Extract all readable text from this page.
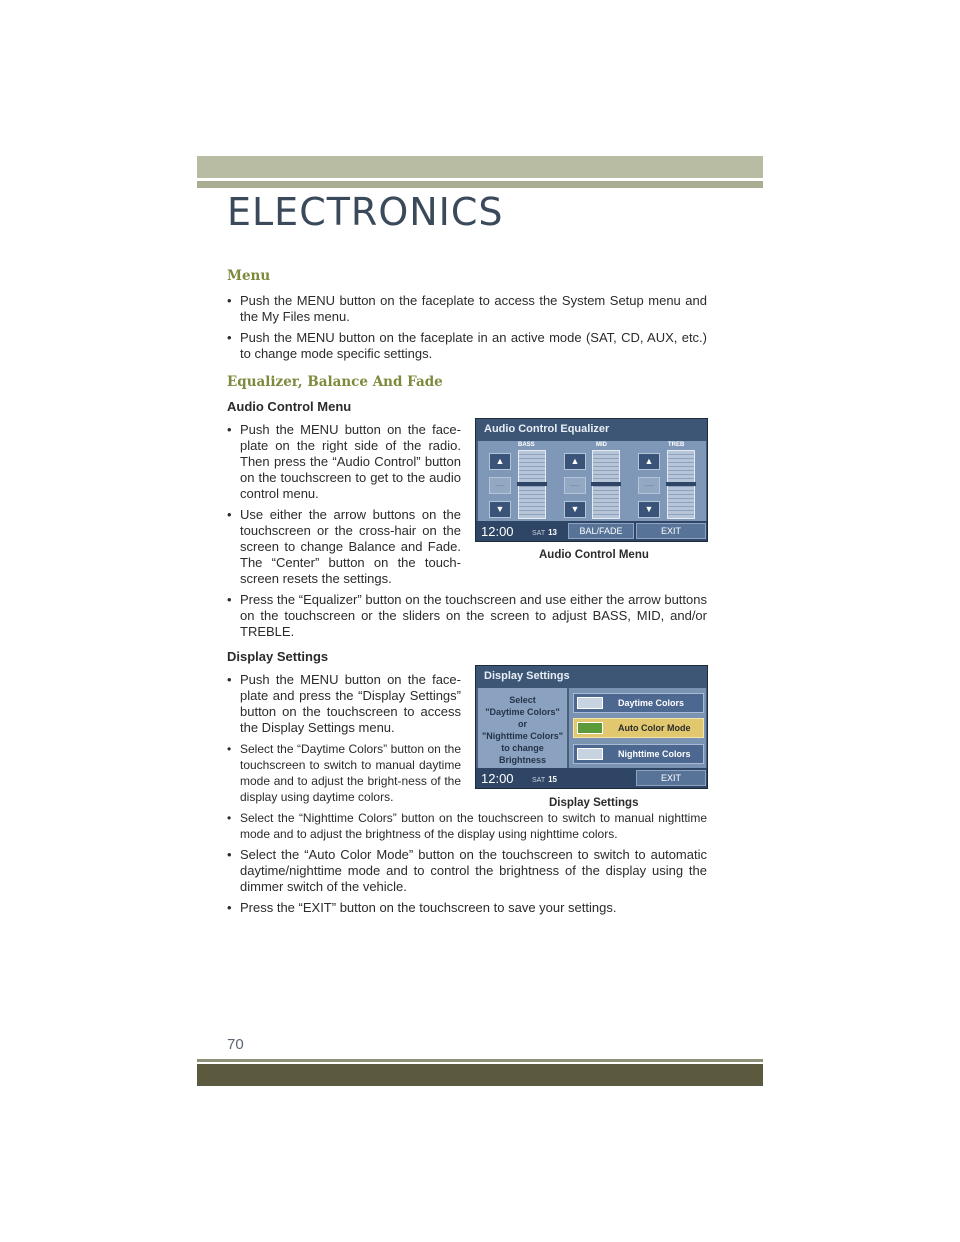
ELECTRONICS
Menu
• Push the MENU button on the faceplate to access the System Setup menu and the My Files menu.
• Push the MENU button on the faceplate in an active mode (SAT, CD, AUX, etc.) to change mode specific settings.
Equalizer, Balance And Fade
Audio Control Menu
• Push the MENU button on the face-plate on the right side of the radio. Then press the “Audio Control” button on the touchscreen to get to the audio control menu.
• Use either the arrow buttons on the touchscreen or the cross-hair on the screen to change Balance and Fade. The “Center” button on the touch-screen resets the settings.
• Press the “Equalizer” button on the touchscreen and use either the arrow buttons on the touchscreen or the sliders on the screen to adjust BASS, MID, and/or TREBLE.
Display Settings
• Push the MENU button on the face-plate and press the “Display Settings” button on the touchscreen to access the Display Settings menu.
• Select the “Daytime Colors” button on the touchscreen to switch to manual daytime mode and to adjust the bright-ness of the display using daytime colors.
• Select the “Nighttime Colors” button on the touchscreen to switch to manual nighttime mode and to adjust the brightness of the display using nighttime colors.
• Select the “Auto Color Mode” button on the touchscreen to switch to automatic daytime/nighttime mode and to control the brightness of the display using the dimmer switch of the vehicle.
• Press the “EXIT” button on the touchscreen to save your settings.
Audio Control Equalizer
BASS	MID	TREB
▲
—
▼
▲
—
▼
▲
—
▼
12:00	SAT 13	BAL/FADE	EXIT
Audio Control Menu
Display Settings
Select
"Daytime Colors"
or
"Nighttime Colors"
to change
Brightness
Daytime Colors
Auto Color Mode
Nighttime Colors
12:00	SAT 15	EXIT
Display Settings
70
